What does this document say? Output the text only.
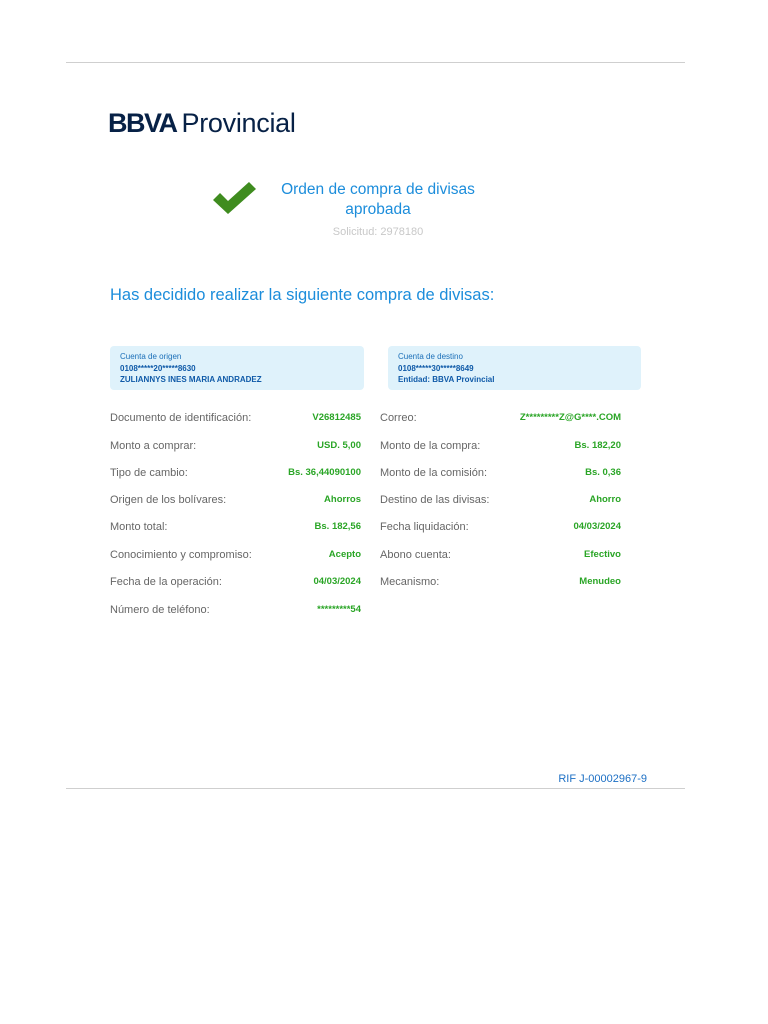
BBVA Provincial
Orden de compra de divisas
aprobada
Solicitud: 2978180
Has decidido realizar la siguiente compra de divisas:
Cuenta de origen
0108*****20*****8630
ZULIANNYS INES MARIA ANDRADEZ
Cuenta de destino
0108*****30*****8649
Entidad: BBVA Provincial
Documento de identificación:	V26812485
Monto a comprar:	USD. 5,00
Tipo de cambio:	Bs. 36,44090100
Origen de los bolívares:	Ahorros
Monto total:	Bs. 182,56
Conocimiento y compromiso:	Acepto
Fecha de la operación:	04/03/2024
Número de teléfono:	*********54
Correo:	Z*********Z@G****.COM
Monto de la compra:	Bs. 182,20
Monto de la comisión:	Bs. 0,36
Destino de las divisas:	Ahorro
Fecha liquidación:	04/03/2024
Abono cuenta:	Efectivo
Mecanismo:	Menudeo
RIF J-00002967-9
